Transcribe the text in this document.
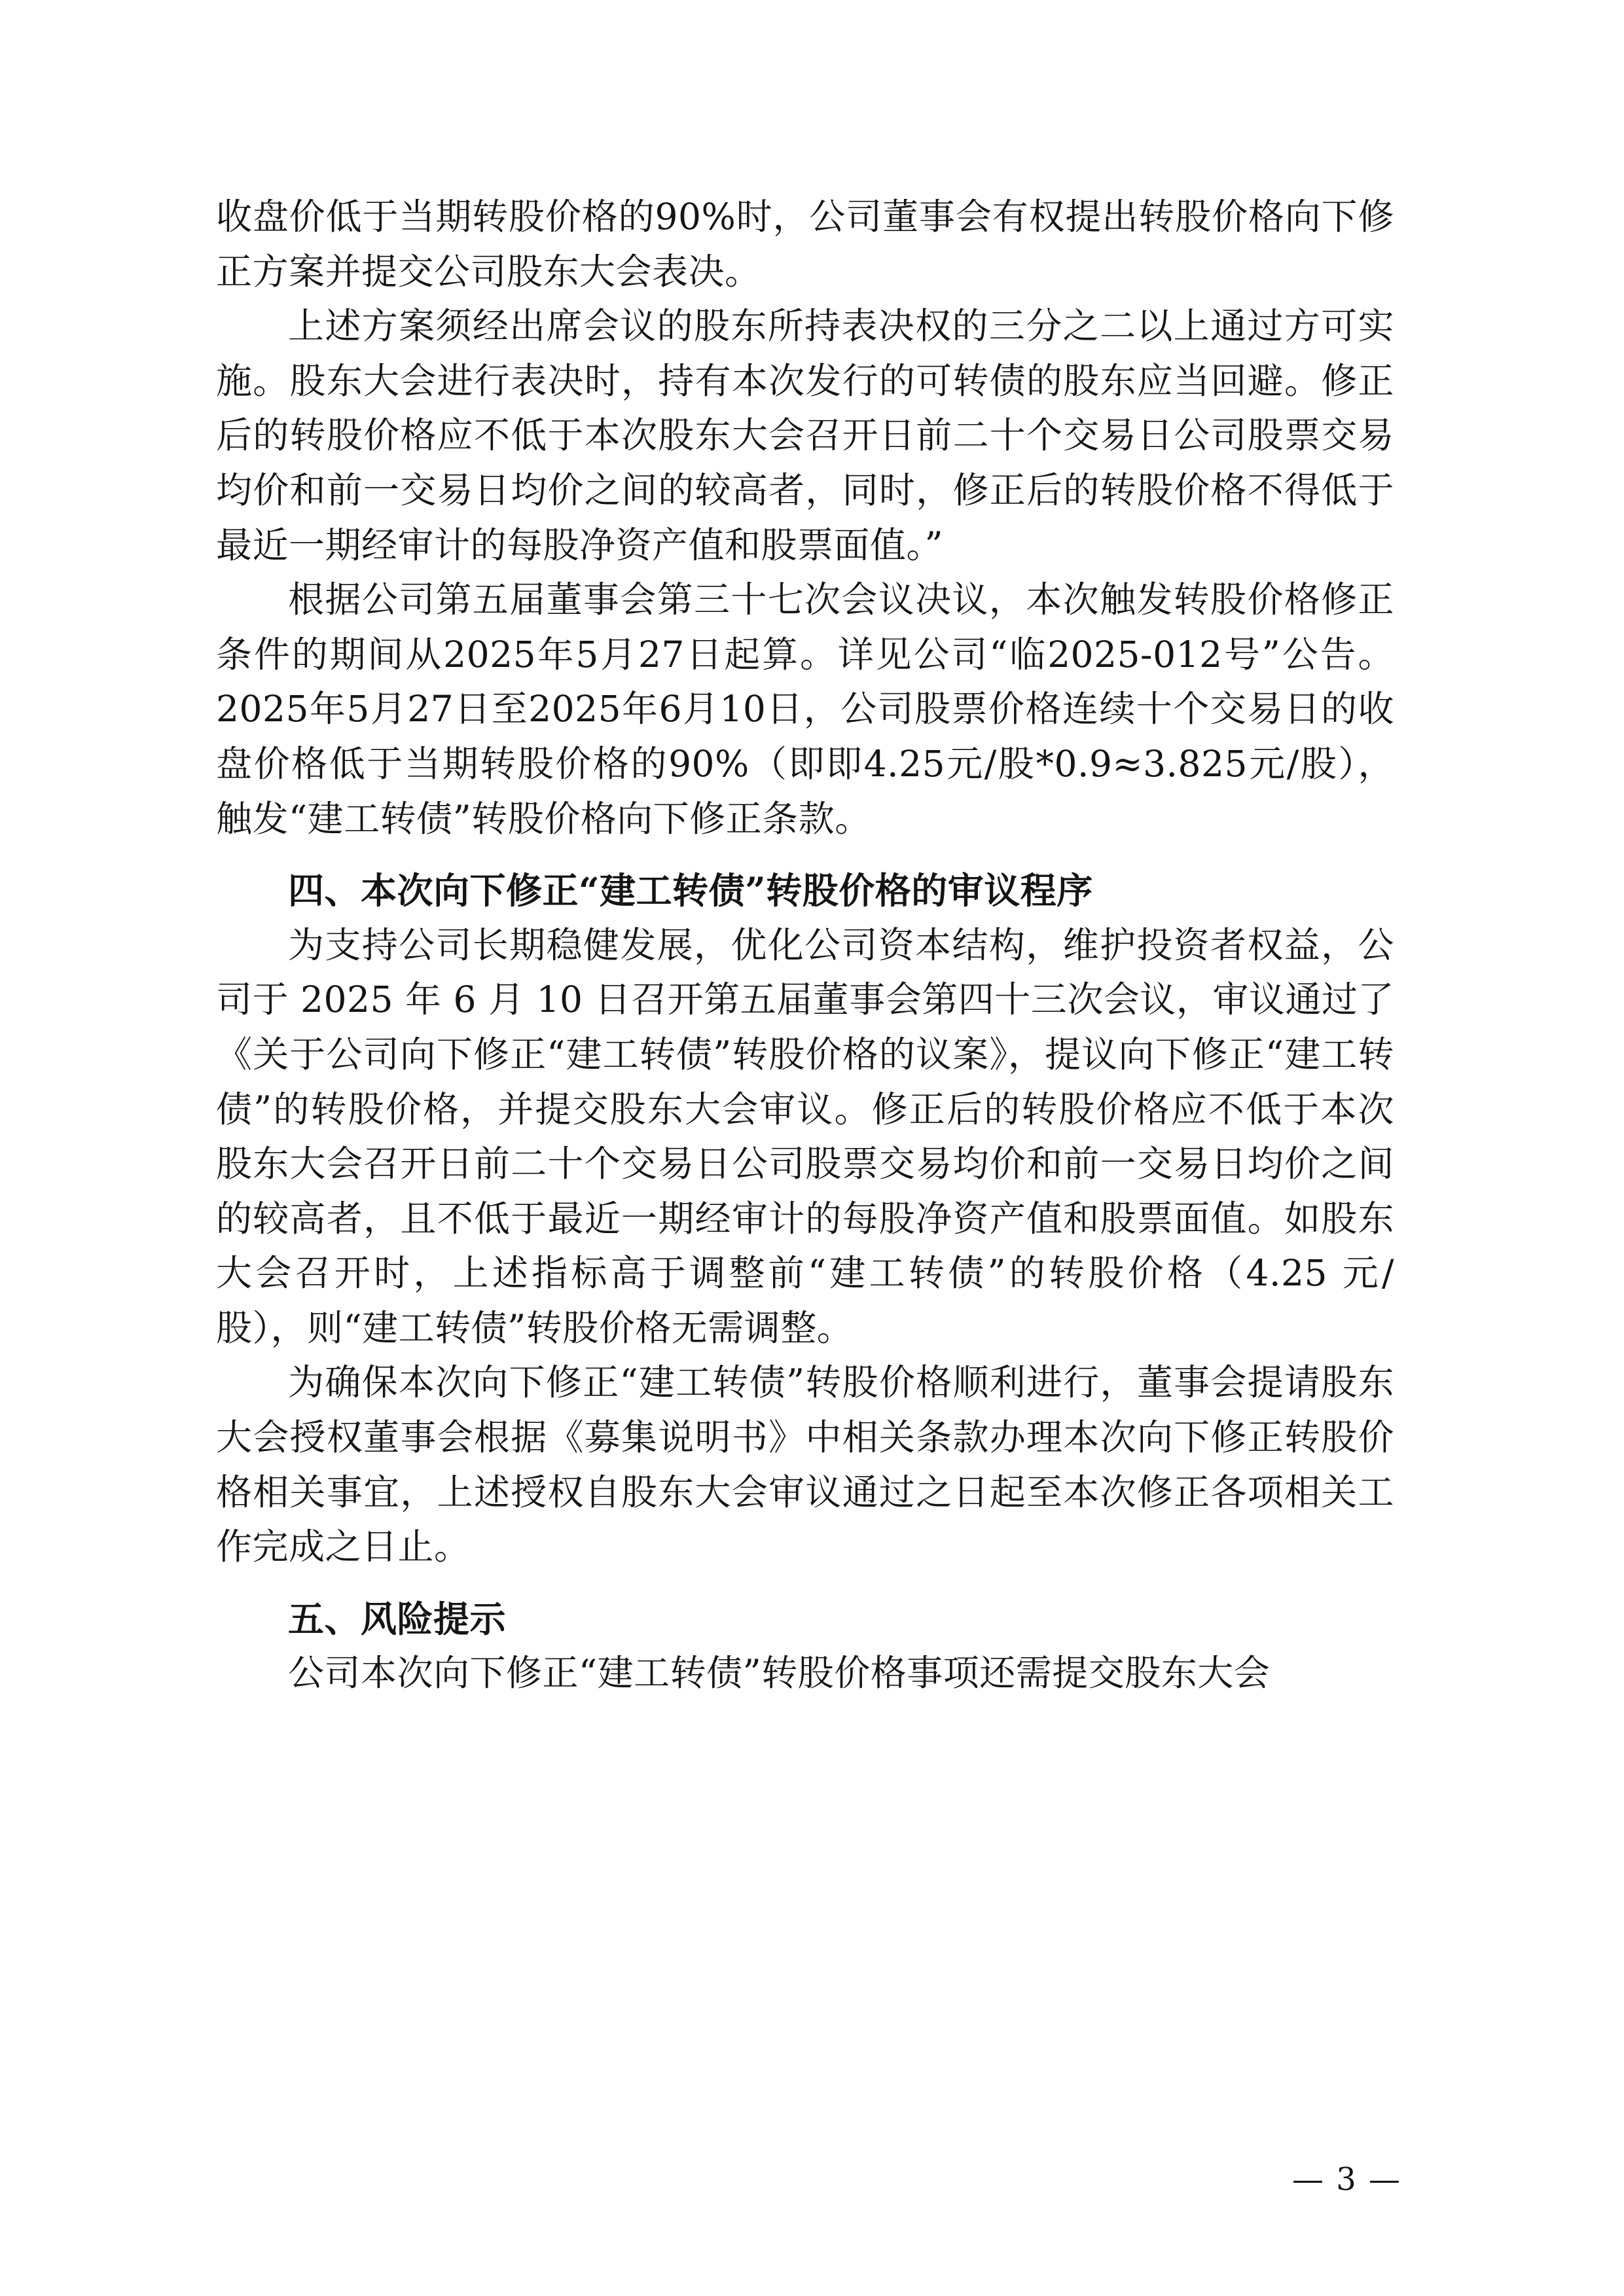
收盘价低于当期转股价格的90%时，公司董事会有权提出转股价格向下修正方案并提交公司股东大会表决。

上述方案须经出席会议的股东所持表决权的三分之二以上通过方可实施。股东大会进行表决时，持有本次发行的可转债的股东应当回避。修正后的转股价格应不低于本次股东大会召开日前二十个交易日公司股票交易均价和前一交易日均价之间的较高者，同时，修正后的转股价格不得低于最近一期经审计的每股净资产值和股票面值。”

根据公司第五届董事会第三十七次会议决议，本次触发转股价格修正条件的期间从2025年5月27日起算。详见公司“临2025-012号”公告。2025年5月27日至2025年6月10日，公司股票价格连续十个交易日的收盘价格低于当期转股价格的90%（即即4.25元/股*0.9≈3.825元/股），触发“建工转债”转股价格向下修正条款。

四、本次向下修正“建工转债”转股价格的审议程序

为支持公司长期稳健发展，优化公司资本结构，维护投资者权益，公司于 2025 年 6 月 10 日召开第五届董事会第四十三次会议，审议通过了《关于公司向下修正“建工转债”转股价格的议案》，提议向下修正“建工转债”的转股价格，并提交股东大会审议。修正后的转股价格应不低于本次股东大会召开日前二十个交易日公司股票交易均价和前一交易日均价之间的较高者，且不低于最近一期经审计的每股净资产值和股票面值。如股东大会召开时，上述指标高于调整前“建工转债”的转股价格（4.25 元/股），则“建工转债”转股价格无需调整。

为确保本次向下修正“建工转债”转股价格顺利进行，董事会提请股东大会授权董事会根据《募集说明书》中相关条款办理本次向下修正转股价格相关事宜，上述授权自股东大会审议通过之日起至本次修正各项相关工作完成之日止。

五、风险提示

公司本次向下修正“建工转债”转股价格事项还需提交股东大会

— 3 —
